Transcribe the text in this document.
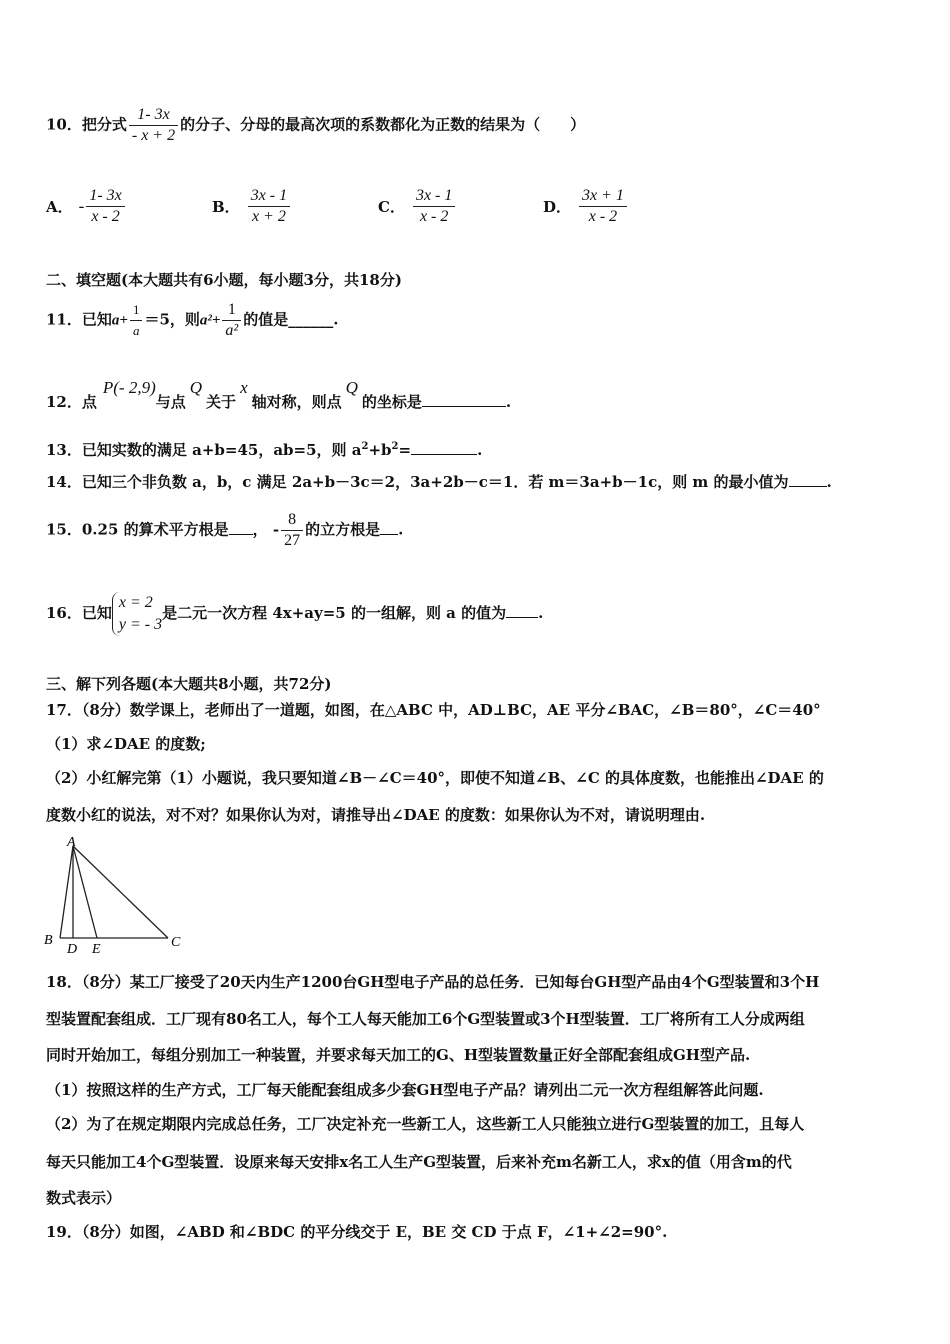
10．把分式 $\frac{1- 3x}{- x + 2}$ 的分子、分母的最高次项的系数都化为正数的结果为（　　）
A． - $\frac{1- 3x}{x - 2}$	B． $\frac{3x - 1}{x + 2}$	C． $\frac{3x - 1}{x - 2}$	D． $\frac{3x + 1}{x - 2}$
二、填空题(本大题共有6小题，每小题3分，共18分)
11．已知$a+ \frac{1}{a} =5$，则$a^2+ \frac{1}{\text{a²}}$ 的值是______.
12．点P(- 2,9)与点Q关于x轴对称，则点Q的坐标是	.
13．已知实数的满足 a+b=45，ab=5，则 $a^2+b^2=$	.
14．已知三个非负数 a，b，c 满足 2a+b－3c＝2，3a+2b－c＝1．若 m＝3a+b－1c，则 m 的最小值为	.
15．0.25 的算术平方根是 ， - $\frac{8}{27}$ 的立方根是 .
16．已知
x = 2
y = - 3
是二元一次方程 4x+ay=5 的一组解，则 a 的值为 .
三、解下列各题(本大题共8小题，共72分)
17．（8分）数学课上，老师出了一道题，如图，在△ABC 中，AD⊥BC，AE 平分∠BAC，∠B＝80°，∠C＝40°
（1）求∠DAE 的度数;
（2）小红解完第（1）小题说，我只要知道∠B－∠C＝40°，即使不知道∠B、∠C 的具体度数，也能推出∠DAE 的
度数小红的说法，对不对？如果你认为对，请推导出∠DAE 的度数：如果你认为不对，请说明理由.
A
B
D E	C
18．（8分）某工厂接受了20天内生产1200台GH型电子产品的总任务．已知每台GH型产品由4个G型装置和3个H
型装置配套组成．工厂现有80名工人，每个工人每天能加工6个G型装置或3个H型装置．工厂将所有工人分成两组
同时开始加工，每组分别加工一种装置，并要求每天加工的G、H型装置数量正好全部配套组成GH型产品.
（1）按照这样的生产方式，工厂每天能配套组成多少套GH型电子产品？请列出二元一次方程组解答此问题.
（2）为了在规定期限内完成总任务，工厂决定补充一些新工人，这些新工人只能独立进行G型装置的加工，且每人
每天只能加工4个G型装置．设原来每天安排x名工人生产G型装置，后来补充m名新工人，求x的值（用含m的代
数式表示）
19．（8分）如图，∠ABD 和∠BDC 的平分线交于 E，BE 交 CD 于点 F，∠1+∠2=90°.
